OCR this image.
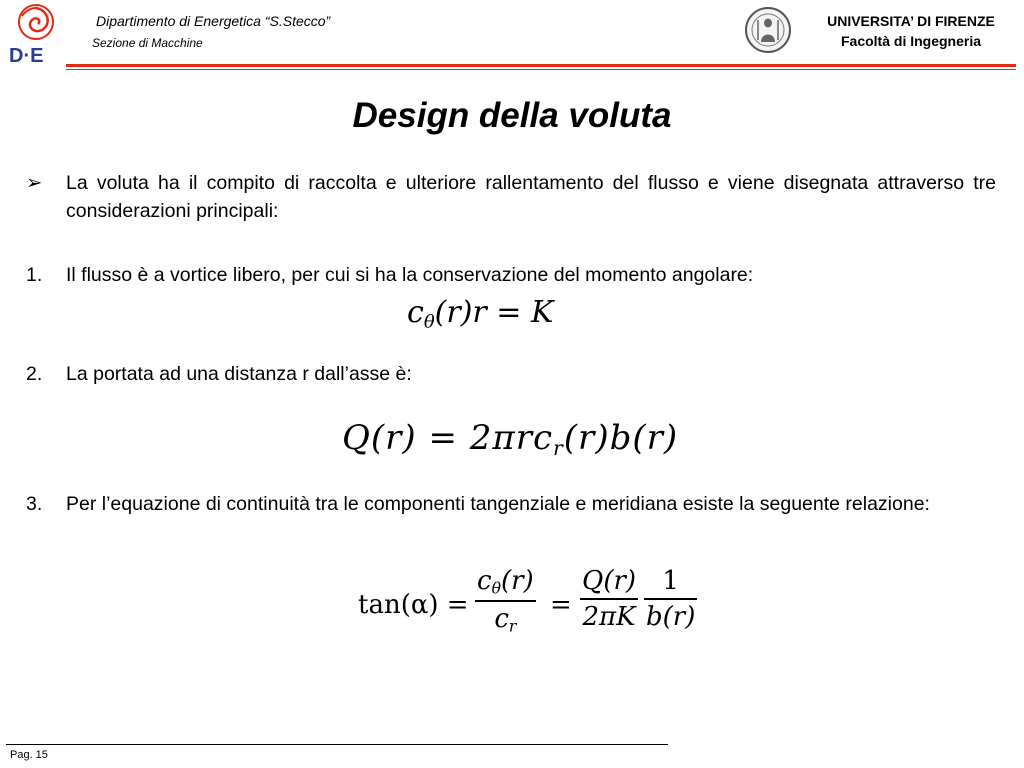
D·E
Dipartimento di Energetica “S.Stecco”
Sezione di Macchine
UNIVERSITA’ DI FIRENZE
Facoltà di Ingegneria
Design della voluta
➢ La voluta ha il compito di raccolta e ulteriore rallentamento del flusso e viene disegnata attraverso tre considerazioni principali:
1. Il flusso è a vortice libero, per cui si ha la conservazione del momento angolare:
$c_\theta(r)r = K$
2. La portata ad una distanza r dall’asse è:
Q(r) = 2πrc$_r$(r)b(r)
3. Per l’equazione di continuità tra le componenti tangenziale e meridiana esiste la seguente relazione:
tan(α) =
$c_\theta(r)$
$c_r$
=
Q(r)
2πK
1
b(r)
Pag. 15
